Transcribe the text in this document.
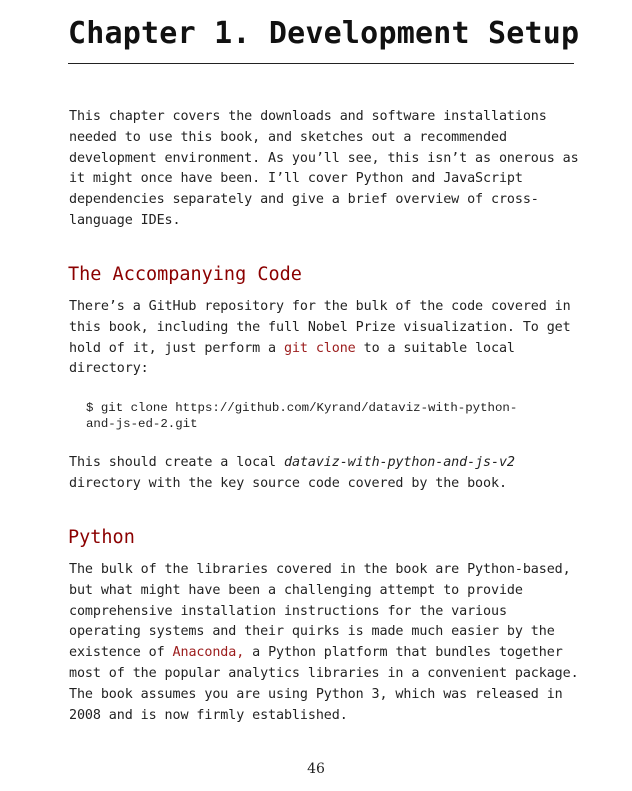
Chapter 1. Development Setup

This chapter covers the downloads and software installations needed to use this book, and sketches out a recommended development environment. As you’ll see, this isn’t as onerous as it might once have been. I’ll cover Python and JavaScript dependencies separately and give a brief overview of cross-language IDEs.

The Accompanying Code

There’s a GitHub repository for the bulk of the code covered in this book, including the full Nobel Prize visualization. To get hold of it, just perform a git clone to a suitable local directory:

$ git clone https://github.com/Kyrand/dataviz-with-python-
and-js-ed-2.git

This should create a local dataviz-with-python-and-js-v2 directory with the key source code covered by the book.

Python

The bulk of the libraries covered in the book are Python-based, but what might have been a challenging attempt to provide comprehensive installation instructions for the various operating systems and their quirks is made much easier by the existence of Anaconda, a Python platform that bundles together most of the popular analytics libraries in a convenient package. The book assumes you are using Python 3, which was released in 2008 and is now firmly established.

46
